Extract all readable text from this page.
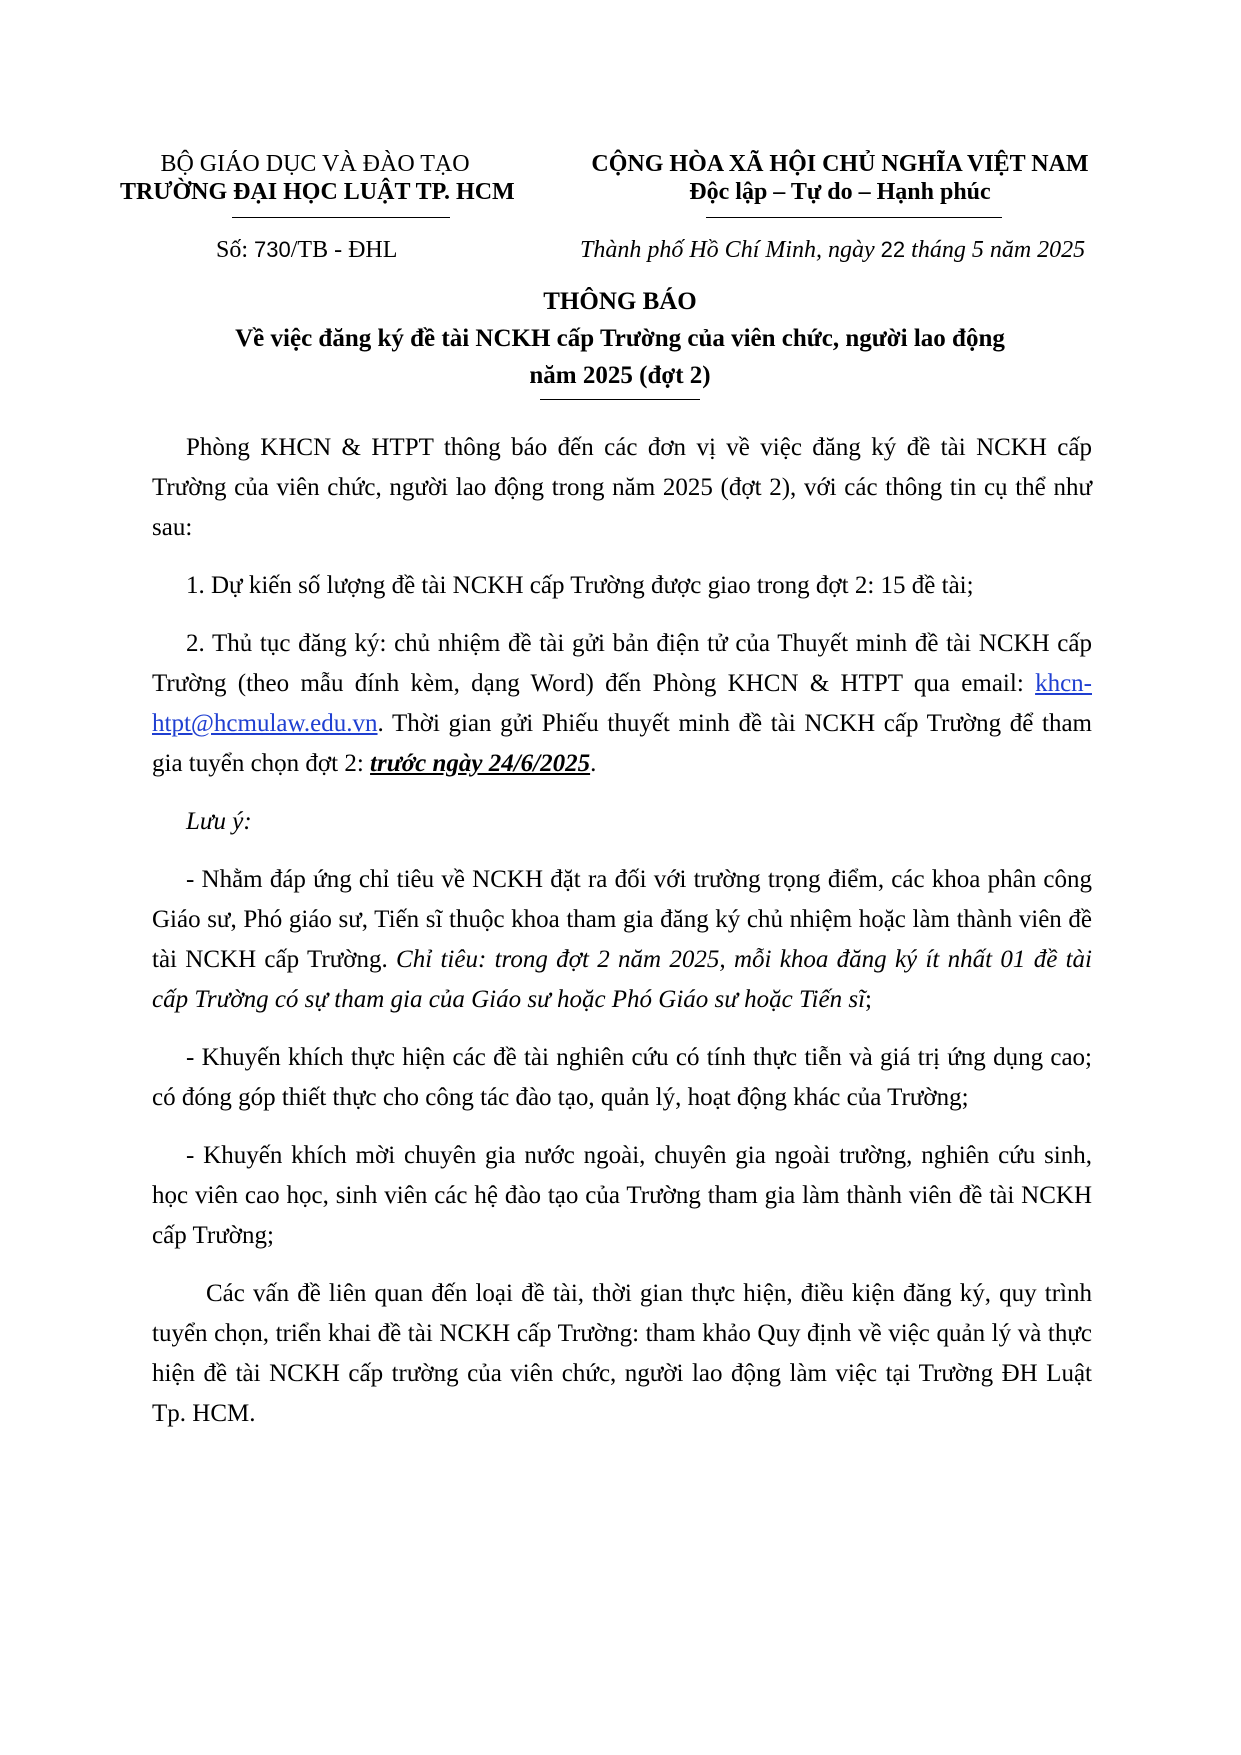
BỘ GIÁO DỤC VÀ ĐÀO TẠO
TRƯỜNG ĐẠI HỌC LUẬT TP. HCM
CỘNG HÒA XÃ HỘI CHỦ NGHĨA VIỆT NAM
Độc lập – Tự do – Hạnh phúc
Số: 730/TB - ĐHL	Thành phố Hồ Chí Minh, ngày 22 tháng 5 năm 2025
THÔNG BÁO
Về việc đăng ký đề tài NCKH cấp Trường của viên chức, người lao động
năm 2025 (đợt 2)

Phòng KHCN & HTPT thông báo đến các đơn vị về việc đăng ký đề tài NCKH cấp Trường của viên chức, người lao động trong năm 2025 (đợt 2), với các thông tin cụ thể như sau:

1. Dự kiến số lượng đề tài NCKH cấp Trường được giao trong đợt 2: 15 đề tài;

2. Thủ tục đăng ký: chủ nhiệm đề tài gửi bản điện tử của Thuyết minh đề tài NCKH cấp Trường (theo mẫu đính kèm, dạng Word) đến Phòng KHCN & HTPT qua email: khcn-htpt@hcmulaw.edu.vn. Thời gian gửi Phiếu thuyết minh đề tài NCKH cấp Trường để tham gia tuyển chọn đợt 2: trước ngày 24/6/2025.

Lưu ý:

- Nhằm đáp ứng chỉ tiêu về NCKH đặt ra đối với trường trọng điểm, các khoa phân công Giáo sư, Phó giáo sư, Tiến sĩ thuộc khoa tham gia đăng ký chủ nhiệm hoặc làm thành viên đề tài NCKH cấp Trường. Chỉ tiêu: trong đợt 2 năm 2025, mỗi khoa đăng ký ít nhất 01 đề tài cấp Trường có sự tham gia của Giáo sư hoặc Phó Giáo sư hoặc Tiến sĩ;

- Khuyến khích thực hiện các đề tài nghiên cứu có tính thực tiễn và giá trị ứng dụng cao; có đóng góp thiết thực cho công tác đào tạo, quản lý, hoạt động khác của Trường;

- Khuyến khích mời chuyên gia nước ngoài, chuyên gia ngoài trường, nghiên cứu sinh, học viên cao học, sinh viên các hệ đào tạo của Trường tham gia làm thành viên đề tài NCKH cấp Trường;

Các vấn đề liên quan đến loại đề tài, thời gian thực hiện, điều kiện đăng ký, quy trình tuyển chọn, triển khai đề tài NCKH cấp Trường: tham khảo Quy định về việc quản lý và thực hiện đề tài NCKH cấp trường của viên chức, người lao động làm việc tại Trường ĐH Luật Tp. HCM.
